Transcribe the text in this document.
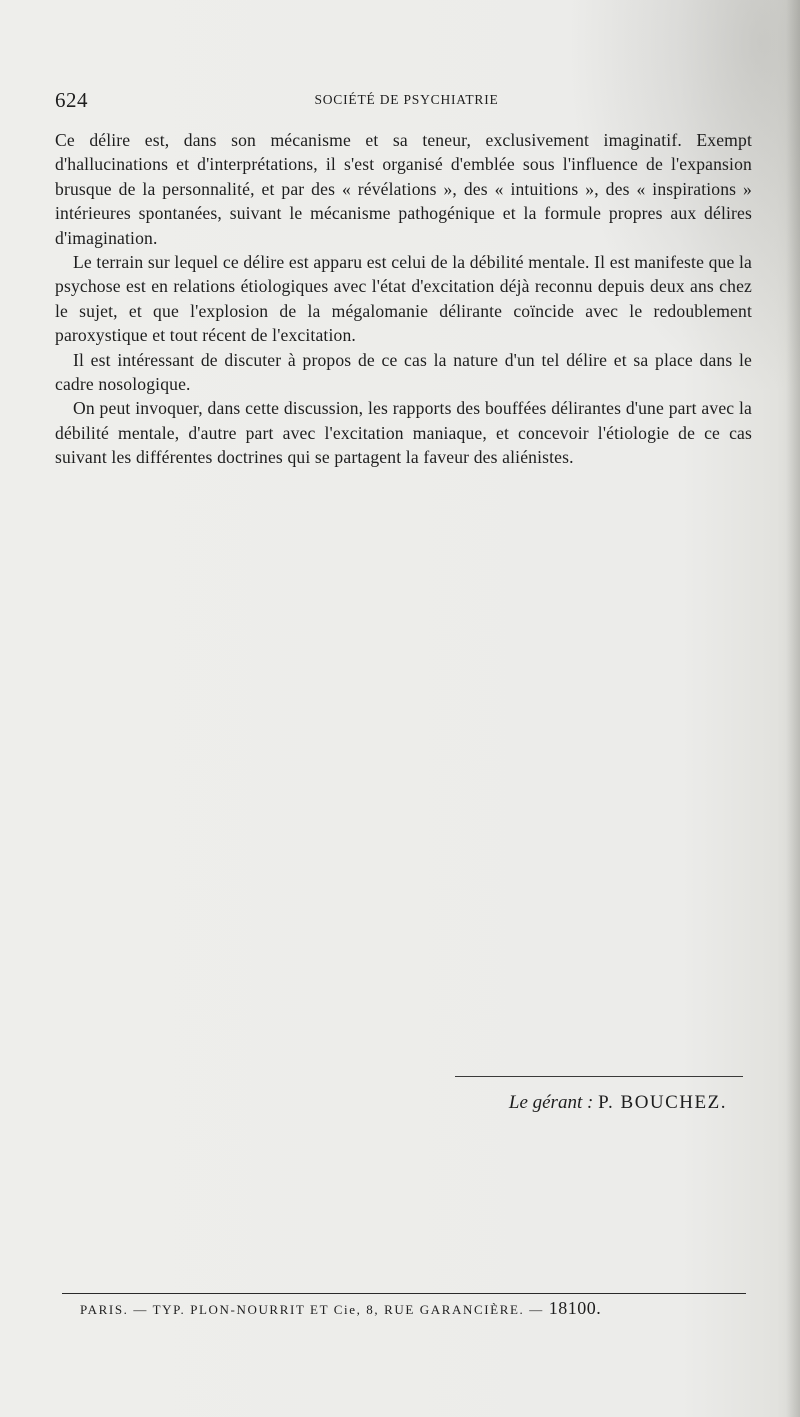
624	SOCIÉTÉ DE PSYCHIATRIE

Ce délire est, dans son mécanisme et sa teneur, exclusivement imaginatif. Exempt d'hallucinations et d'interprétations, il s'est organisé d'emblée sous l'influence de l'expansion brusque de la personnalité, et par des « révélations », des « intuitions », des « inspirations » intérieures spontanées, suivant le mécanisme pathogénique et la formule propres aux délires d'imagination.

Le terrain sur lequel ce délire est apparu est celui de la débilité mentale. Il est manifeste que la psychose est en relations étiologiques avec l'état d'excitation déjà reconnu depuis deux ans chez le sujet, et que l'explosion de la mégalomanie délirante coïncide avec le redoublement paroxystique et tout récent de l'excitation.

Il est intéressant de discuter à propos de ce cas la nature d'un tel délire et sa place dans le cadre nosologique.

On peut invoquer, dans cette discussion, les rapports des bouffées délirantes d'une part avec la débilité mentale, d'autre part avec l'excitation maniaque, et concevoir l'étiologie de ce cas suivant les différentes doctrines qui se partagent la faveur des aliénistes.

Le gérant : P. BOUCHEZ.
PARIS. — TYP. PLON-NOURRIT ET Cie, 8, RUE GARANCIÈRE. — 18100.
